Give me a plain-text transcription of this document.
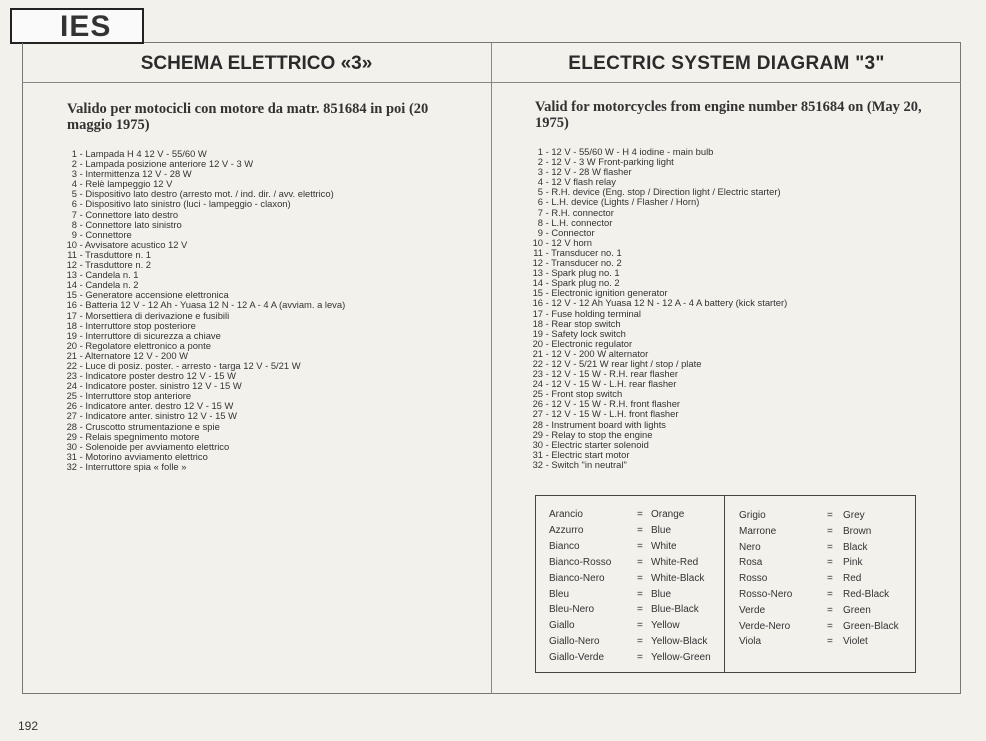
IES
SCHEMA ELETTRICO «3»	ELECTRIC SYSTEM DIAGRAM "3"
Valido per motocicli con motore da matr. 851684 in poi (20 maggio 1975)
Valid for motorcycles from engine number 851684 on (May 20, 1975)
1 - Lampada H 4 12 V - 55/60 W
2 - Lampada posizione anteriore 12 V - 3 W
3 - Intermittenza 12 V - 28 W
4 - Relè lampeggio 12 V
5 - Dispositivo lato destro (arresto mot. / ind. dir. / avv. elettrico)
6 - Dispositivo lato sinistro (luci - lampeggio - claxon)
7 - Connettore lato destro
8 - Connettore lato sinistro
9 - Connettore
10 - Avvisatore acustico 12 V
11 - Trasduttore n. 1
12 - Trasduttore n. 2
13 - Candela n. 1
14 - Candela n. 2
15 - Generatore accensione elettronica
16 - Batteria 12 V - 12 Ah - Yuasa 12 N - 12 A - 4 A (avviam. a leva)
17 - Morsettiera di derivazione e fusibili
18 - Interruttore stop posteriore
19 - Interruttore di sicurezza a chiave
20 - Regolatore elettronico a ponte
21 - Alternatore 12 V - 200 W
22 - Luce di posiz. poster. - arresto - targa 12 V - 5/21 W
23 - Indicatore poster destro 12 V - 15 W
24 - Indicatore poster. sinistro 12 V - 15 W
25 - Interruttore stop anteriore
26 - Indicatore anter. destro 12 V - 15 W
27 - Indicatore anter. sinistro 12 V - 15 W
28 - Cruscotto strumentazione e spie
29 - Relais spegnimento motore
30 - Solenoide per avviamento elettrico
31 - Motorino avviamento elettrico
32 - Interruttore spia « folle »
1 - 12 V - 55/60 W - H 4 iodine - main bulb
2 - 12 V - 3 W Front-parking light
3 - 12 V - 28 W flasher
4 - 12 V flash relay
5 - R.H. device (Eng. stop / Direction light / Electric starter)
6 - L.H. device (Lights / Flasher / Horn)
7 - R.H. connector
8 - L.H. connector
9 - Connector
10 - 12 V horn
11 - Transducer no. 1
12 - Transducer no. 2
13 - Spark plug no. 1
14 - Spark plug no. 2
15 - Electronic ignition generator
16 - 12 V - 12 Ah Yuasa 12 N - 12 A - 4 A battery (kick starter)
17 - Fuse holding terminal
18 - Rear stop switch
19 - Safety lock switch
20 - Electronic regulator
21 - 12 V - 200 W alternator
22 - 12 V - 5/21 W rear light / stop / plate
23 - 12 V - 15 W - R.H. rear flasher
24 - 12 V - 15 W - L.H. rear flasher
25 - Front stop switch
26 - 12 V - 15 W - R.H. front flasher
27 - 12 V - 15 W - L.H. front flasher
28 - Instrument board with lights
29 - Relay to stop the engine
30 - Electric starter solenoid
31 - Electric start motor
32 - Switch "in neutral"
Arancio	= Orange
Azzurro	= Blue
Bianco	= White
Bianco-Rosso	= White-Red
Bianco-Nero	= White-Black
Bleu	= Blue
Bleu-Nero	= Blue-Black
Giallo	= Yellow
Giallo-Nero	= Yellow-Black
Giallo-Verde	= Yellow-Green
Grigio	= Grey
Marrone	= Brown
Nero	= Black
Rosa	= Pink
Rosso	= Red
Rosso-Nero	= Red-Black
Verde	= Green
Verde-Nero	= Green-Black
Viola	= Violet
192
